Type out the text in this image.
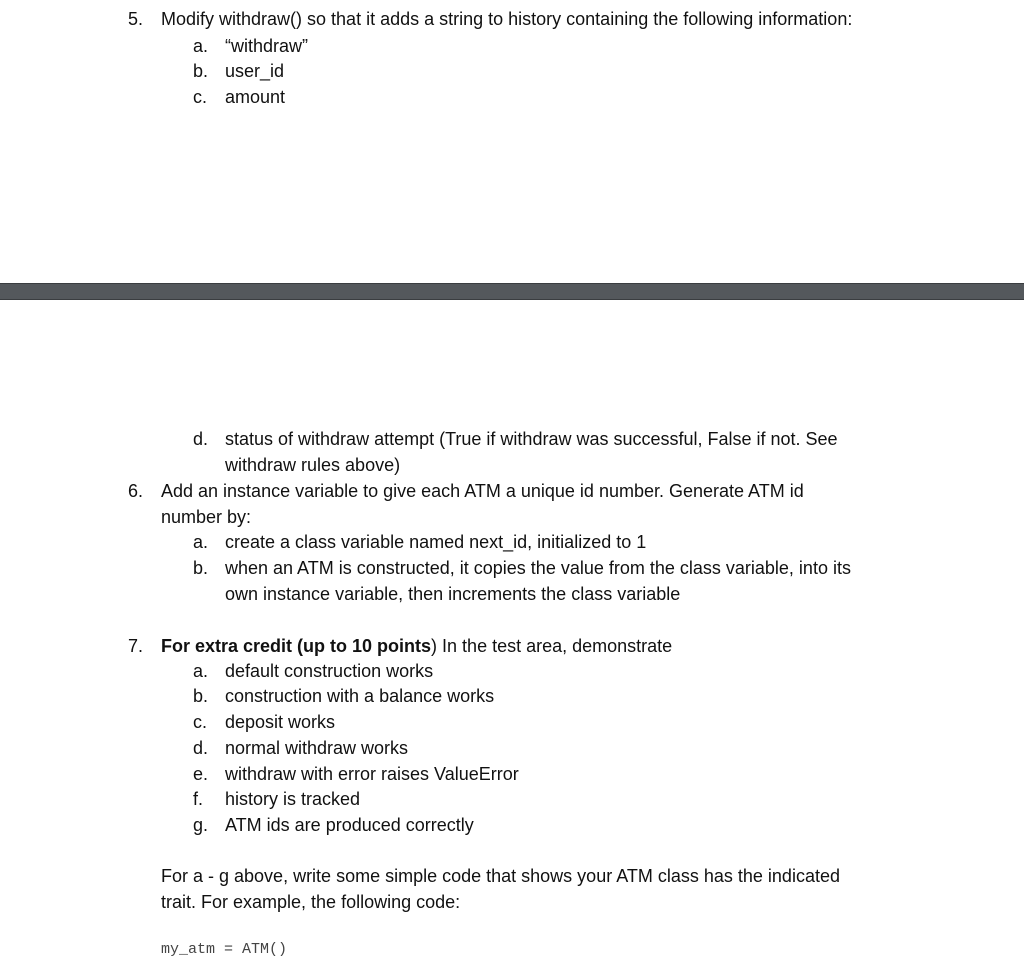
5. Modify withdraw() so that it adds a string to history containing the following information:
a. “withdraw”
b. user_id
c. amount
d. status of withdraw attempt (True if withdraw was successful, False if not. See
withdraw rules above)
6. Add an instance variable to give each ATM a unique id number. Generate ATM id
number by:
a. create a class variable named next_id, initialized to 1
b. when an ATM is constructed, it copies the value from the class variable, into its
own instance variable, then increments the class variable
7. For extra credit (up to 10 points) In the test area, demonstrate
a. default construction works
b. construction with a balance works
c. deposit works
d. normal withdraw works
e. withdraw with error raises ValueError
f. history is tracked
g. ATM ids are produced correctly
For a - g above, write some simple code that shows your ATM class has the indicated
trait. For example, the following code:
my_atm = ATM()
